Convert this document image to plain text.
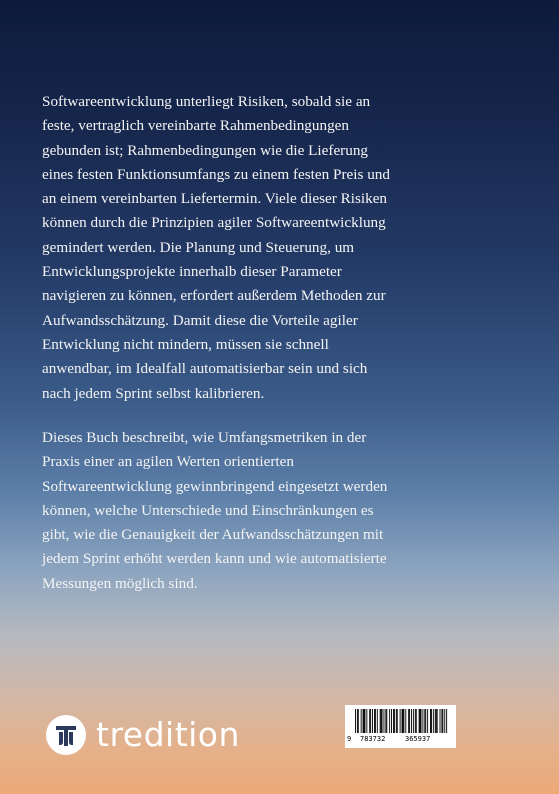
Softwareentwicklung unterliegt Risiken, sobald sie an
feste, vertraglich vereinbarte Rahmenbedingungen
gebunden ist; Rahmenbedingungen wie die Lieferung
eines festen Funktionsumfangs zu einem festen Preis und
an einem vereinbarten Liefertermin. Viele dieser Risiken
können durch die Prinzipien agiler Softwareentwicklung
gemindert werden. Die Planung und Steuerung, um
Entwicklungsprojekte innerhalb dieser Parameter
navigieren zu können, erfordert außerdem Methoden zur
Aufwandsschätzung. Damit diese die Vorteile agiler
Entwicklung nicht mindern, müssen sie schnell
anwendbar, im Idealfall automatisierbar sein und sich
nach jedem Sprint selbst kalibrieren.

Dieses Buch beschreibt, wie Umfangsmetriken in der
Praxis einer an agilen Werten orientierten
Softwareentwicklung gewinnbringend eingesetzt werden
können, welche Unterschiede und Einschränkungen es
gibt, wie die Genauigkeit der Aufwandsschätzungen mit
jedem Sprint erhöht werden kann und wie automatisierte
Messungen möglich sind.

tredition	9 783732	365937
